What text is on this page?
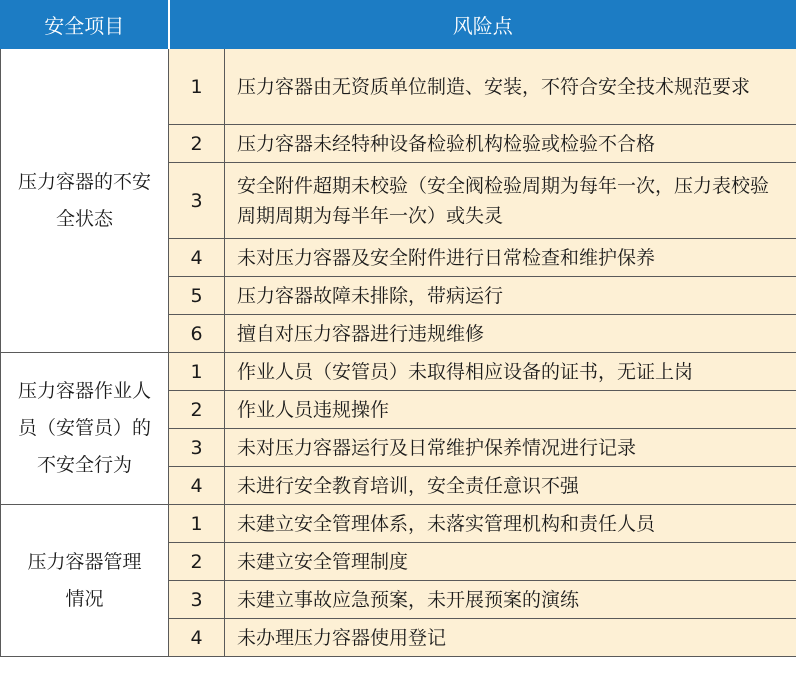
安全项目	风险点	
压力容器的不安全状态	1	压力容器由无资质单位制造、安装，不符合安全技术规范要求
	2	压力容器未经特种设备检验机构检验或检验不合格
	3	安全附件超期未校验（安全阀检验周期为每年一次，压力表校验周期周期为每半年一次）或失灵
	4	未对压力容器及安全附件进行日常检查和维护保养
	5	压力容器故障未排除，带病运行
	6	擅自对压力容器进行违规维修
压力容器作业人员（安管员）的不安全行为	1	作业人员（安管员）未取得相应设备的证书，无证上岗
	2	作业人员违规操作
	3	未对压力容器运行及日常维护保养情况进行记录
	4	未进行安全教育培训，安全责任意识不强
压力容器管理情况	1	未建立安全管理体系，未落实管理机构和责任人员
	2	未建立安全管理制度
	3	未建立事故应急预案，未开展预案的演练
	4	未办理压力容器使用登记
